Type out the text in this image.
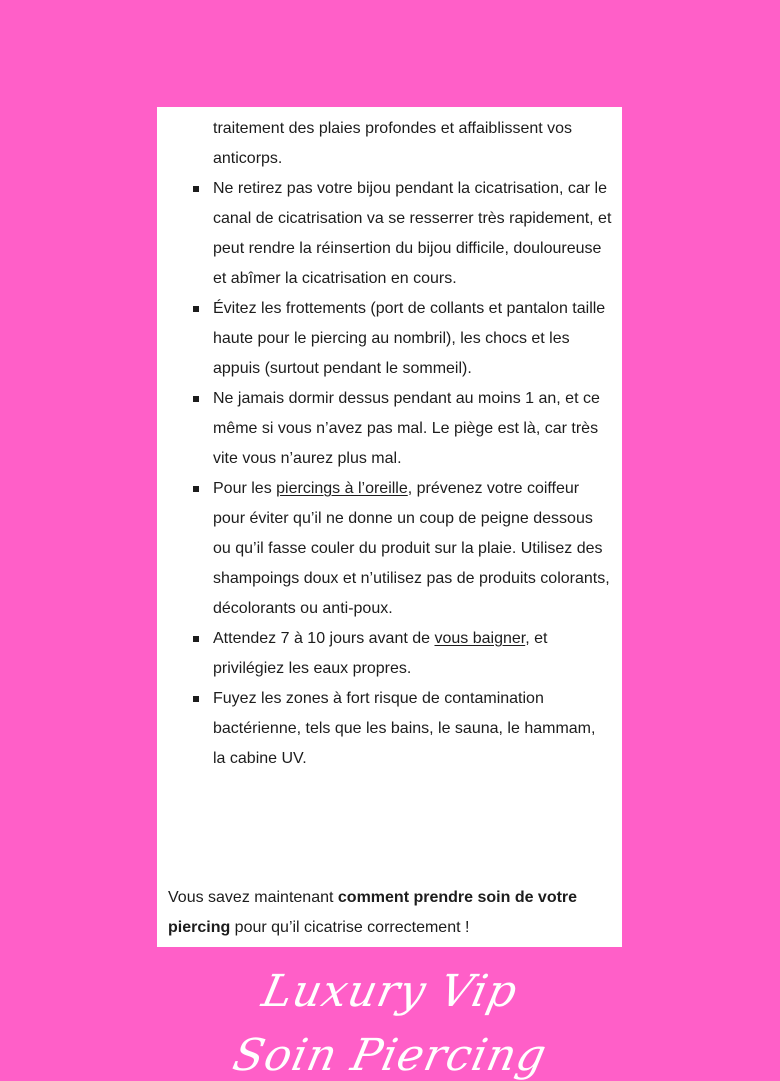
traitement des plaies profondes et affaiblissent vos anticorps.

Ne retirez pas votre bijou pendant la cicatrisation, car le canal de cicatrisation va se resserrer très rapidement, et peut rendre la réinsertion du bijou difficile, douloureuse et abîmer la cicatrisation en cours.
Évitez les frottements (port de collants et pantalon taille haute pour le piercing au nombril), les chocs et les appuis (surtout pendant le sommeil).
Ne jamais dormir dessus pendant au moins 1 an, et ce même si vous n’avez pas mal. Le piège est là, car très vite vous n’aurez plus mal.
Pour les piercings à l’oreille, prévenez votre coiffeur pour éviter qu’il ne donne un coup de peigne dessous ou qu’il fasse couler du produit sur la plaie. Utilisez des shampoings doux et n’utilisez pas de produits colorants, décolorants ou anti-poux.
Attendez 7 à 10 jours avant de vous baigner, et privilégiez les eaux propres.
Fuyez les zones à fort risque de contamination bactérienne, tels que les bains, le sauna, le hammam, la cabine UV.

Vous savez maintenant comment prendre soin de votre piercing pour qu’il cicatrise correctement !

Luxury Vip
Soin Piercing
